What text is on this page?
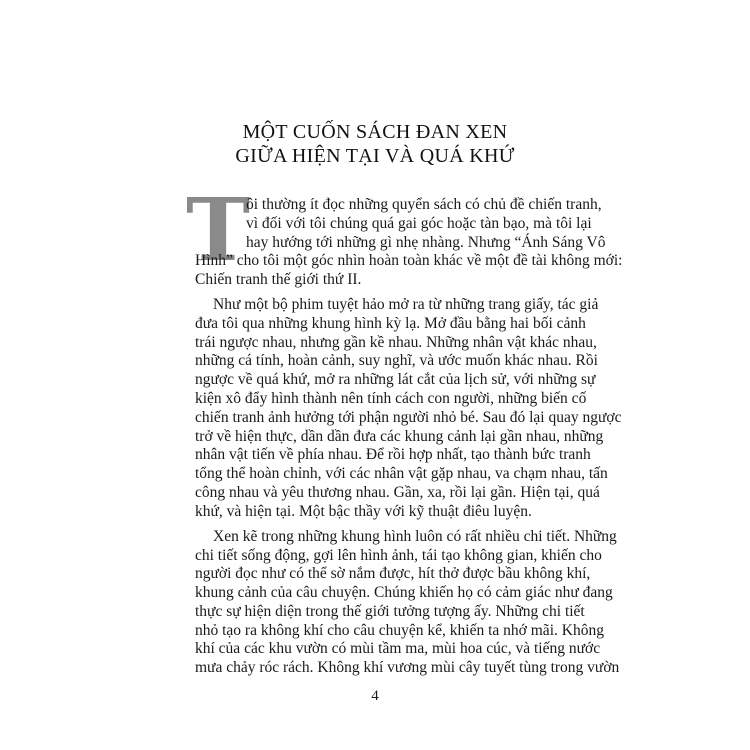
MỘT CUỐN SÁCH ĐAN XEN
GIỮA HIỆN TẠI VÀ QUÁ KHỨ
T
4
ôi thường ít đọc những quyển sách có chủ đề chiến tranh,
vì đối với tôi chúng quá gai góc hoặc tàn bạo, mà tôi lại
hay hướng tới những gì nhẹ nhàng. Nhưng “Ánh Sáng Vô
Hình” cho tôi một góc nhìn hoàn toàn khác về một đề tài không mới:
Chiến tranh thế giới thứ II.
Như một bộ phim tuyệt hảo mở ra từ những trang giấy, tác giả
đưa tôi qua những khung hình kỳ lạ. Mở đầu bằng hai bối cảnh
trái ngược nhau, nhưng gần kề nhau. Những nhân vật khác nhau,
những cá tính, hoàn cảnh, suy nghĩ, và ước muốn khác nhau. Rồi
ngược về quá khứ, mở ra những lát cắt của lịch sử, với những sự
kiện xô đẩy hình thành nên tính cách con người, những biến cố
chiến tranh ảnh hưởng tới phận người nhỏ bé. Sau đó lại quay ngược
trở về hiện thực, dần dần đưa các khung cảnh lại gần nhau, những
nhân vật tiến về phía nhau. Để rồi hợp nhất, tạo thành bức tranh
tổng thể hoàn chỉnh, với các nhân vật gặp nhau, va chạm nhau, tấn
công nhau và yêu thương nhau. Gần, xa, rồi lại gần. Hiện tại, quá
khứ, và hiện tại. Một bậc thầy với kỹ thuật điêu luyện.
Xen kẽ trong những khung hình luôn có rất nhiều chi tiết. Những
chi tiết sống động, gợi lên hình ảnh, tái tạo không gian, khiến cho
người đọc như có thể sờ nắm được, hít thở được bầu không khí,
khung cảnh của câu chuyện. Chúng khiến họ có cảm giác như đang
thực sự hiện diện trong thế giới tưởng tượng ấy. Những chi tiết
nhỏ tạo ra không khí cho câu chuyện kể, khiến ta nhớ mãi. Không
khí của các khu vườn có mùi tầm ma, mùi hoa cúc, và tiếng nước
mưa chảy róc rách. Không khí vương mùi cây tuyết tùng trong vườn
